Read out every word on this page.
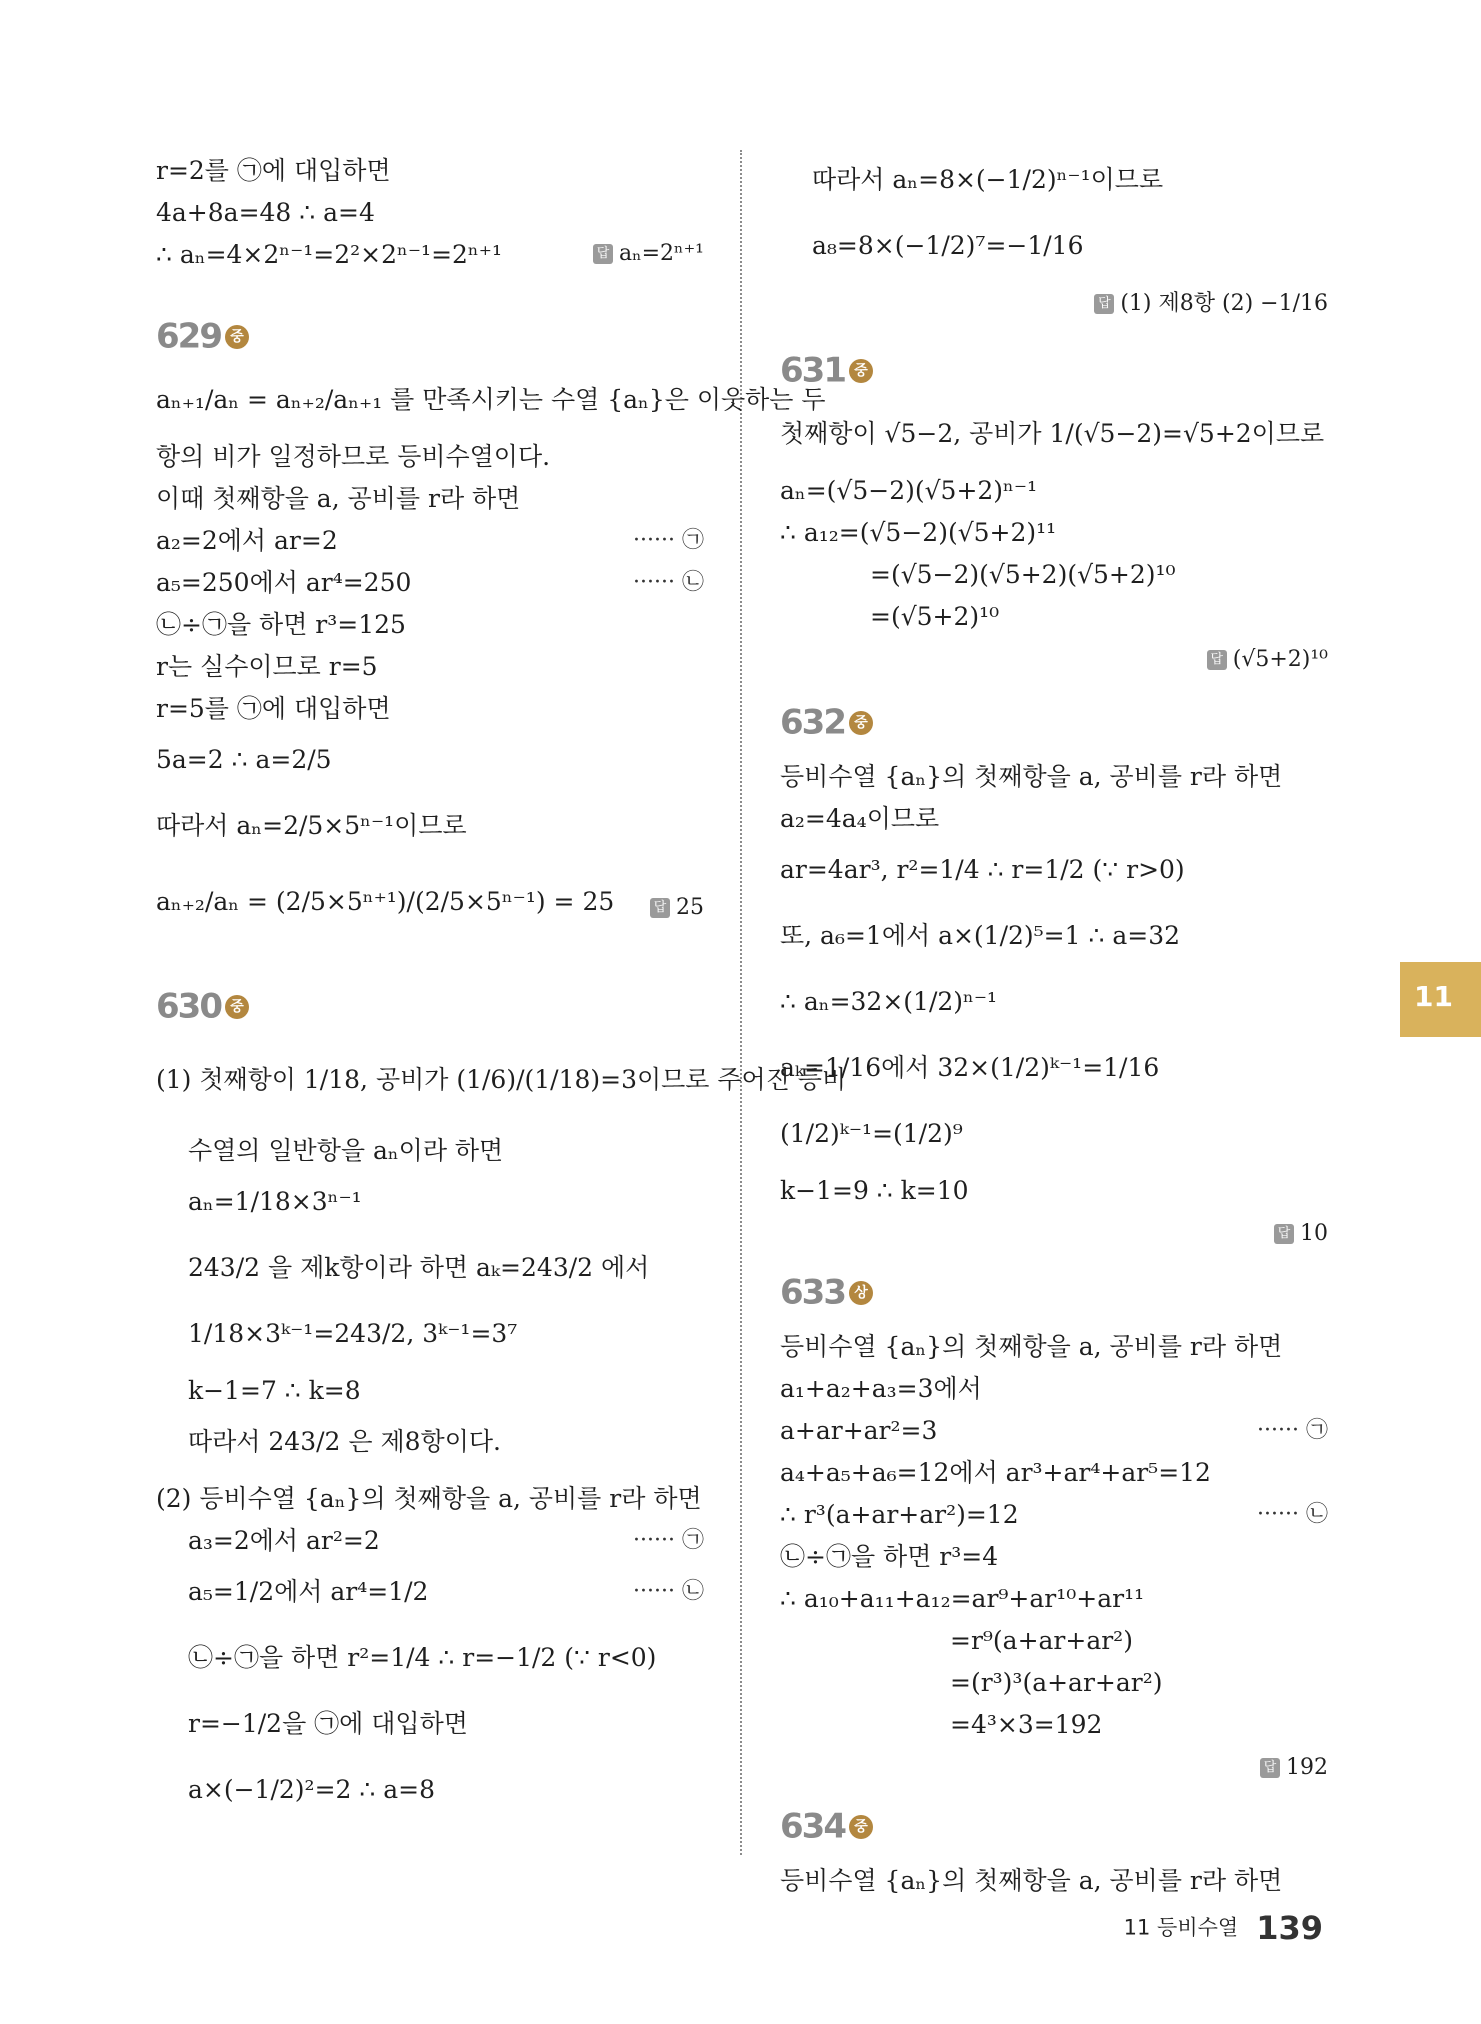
r=2를 ㉠에 대입하면
4a+8a=48 ∴ a=4
∴ aₙ=4×2ⁿ⁻¹=2²×2ⁿ⁻¹=2ⁿ⁺¹	답 aₙ=2ⁿ⁺¹
629 중
aₙ₊₁/aₙ = aₙ₊₂/aₙ₊₁ 를 만족시키는 수열 {aₙ}은 이웃하는 두
항의 비가 일정하므로 등비수열이다.
이때 첫째항을 a, 공비를 r라 하면
a₂=2에서 ar=2	······ ㉠
a₅=250에서 ar⁴=250	······ ㉡
㉡÷㉠을 하면 r³=125
r는 실수이므로 r=5
r=5를 ㉠에 대입하면
5a=2 ∴ a=2/5
따라서 aₙ=2/5×5ⁿ⁻¹이므로
aₙ₊₂/aₙ = (2/5×5ⁿ⁺¹)/(2/5×5ⁿ⁻¹) = 25	답 25
630 중
(1) 첫째항이 1/18, 공비가 (1/6)/(1/18)=3이므로 주어진 등비
수열의 일반항을 aₙ이라 하면
aₙ=1/18×3ⁿ⁻¹
243/2 을 제k항이라 하면 aₖ=243/2 에서
1/18×3ᵏ⁻¹=243/2, 3ᵏ⁻¹=3⁷
k−1=7 ∴ k=8
따라서 243/2 은 제8항이다.
(2) 등비수열 {aₙ}의 첫째항을 a, 공비를 r라 하면
a₃=2에서 ar²=2	······ ㉠
a₅=1/2에서 ar⁴=1/2	······ ㉡
㉡÷㉠을 하면 r²=1/4 ∴ r=−1/2 (∵ r<0)
r=−1/2을 ㉠에 대입하면
a×(−1/2)²=2 ∴ a=8
따라서 aₙ=8×(−1/2)ⁿ⁻¹이므로
a₈=8×(−1/2)⁷=−1/16
답 (1) 제8항 (2) −1/16
631 중
첫째항이 √5−2, 공비가 1/(√5−2)=√5+2이므로
aₙ=(√5−2)(√5+2)ⁿ⁻¹
∴ a₁₂=(√5−2)(√5+2)¹¹
=(√5−2)(√5+2)(√5+2)¹⁰
=(√5+2)¹⁰
답 (√5+2)¹⁰
632 중
등비수열 {aₙ}의 첫째항을 a, 공비를 r라 하면
a₂=4a₄이므로
ar=4ar³, r²=1/4 ∴ r=1/2 (∵ r>0)
또, a₆=1에서 a×(1/2)⁵=1 ∴ a=32
∴ aₙ=32×(1/2)ⁿ⁻¹
aₖ=1/16에서 32×(1/2)ᵏ⁻¹=1/16
(1/2)ᵏ⁻¹=(1/2)⁹
k−1=9 ∴ k=10
답 10
633 상
등비수열 {aₙ}의 첫째항을 a, 공비를 r라 하면
a₁+a₂+a₃=3에서
a+ar+ar²=3	······ ㉠
a₄+a₅+a₆=12에서 ar³+ar⁴+ar⁵=12
∴ r³(a+ar+ar²)=12	······ ㉡
㉡÷㉠을 하면 r³=4
∴ a₁₀+a₁₁+a₁₂=ar⁹+ar¹⁰+ar¹¹
=r⁹(a+ar+ar²)
=(r³)³(a+ar+ar²)
=4³×3=192
답 192
634 중
등비수열 {aₙ}의 첫째항을 a, 공비를 r라 하면
11
11 등비수열 139
